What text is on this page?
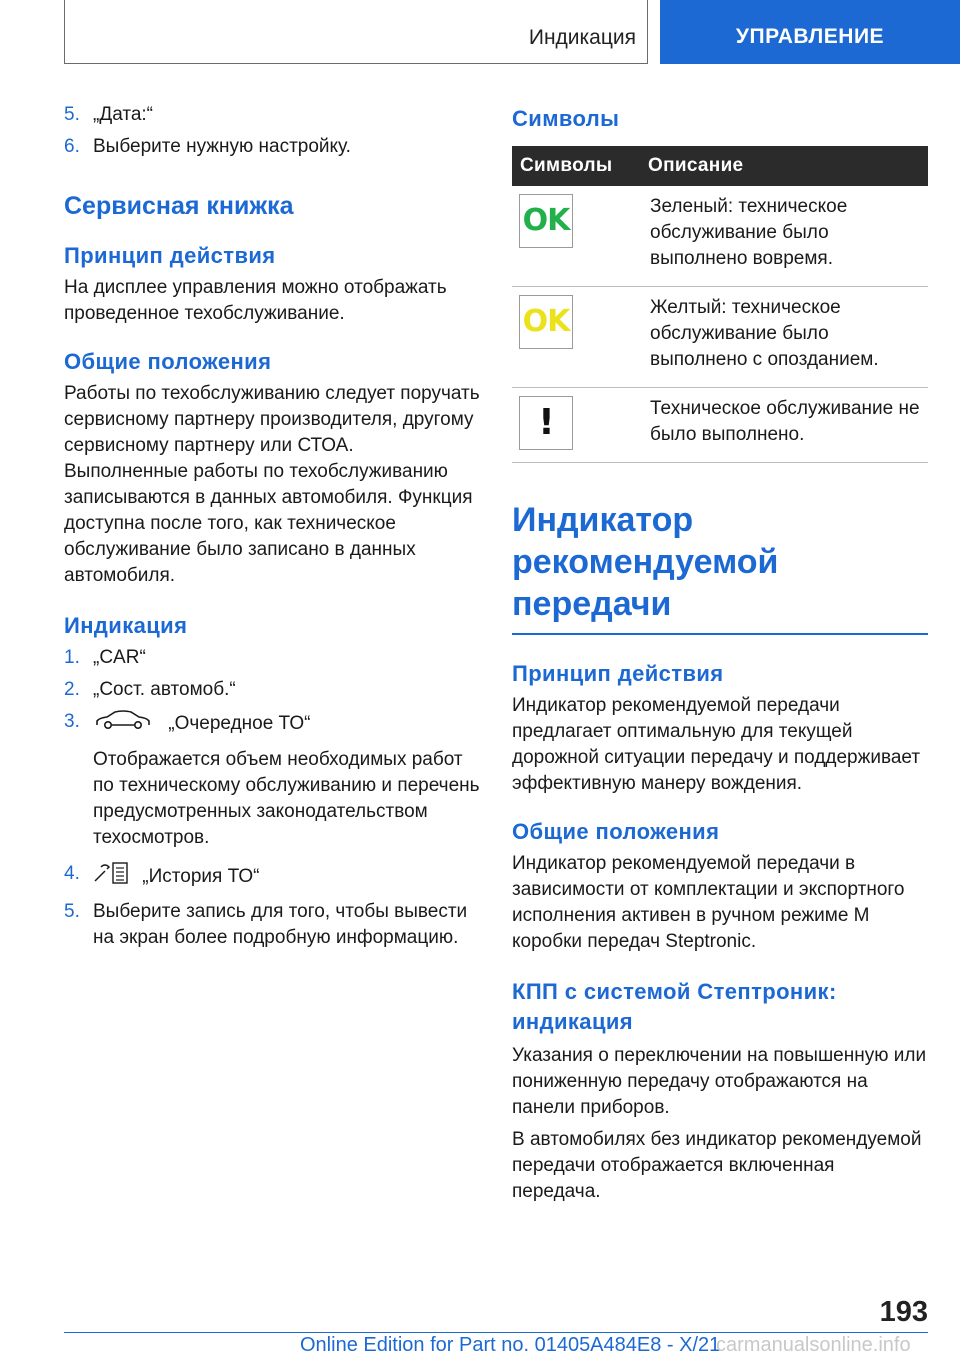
Индикация	УПРАВЛЕНИЕ
5. „Дата:“
6. Выберите нужную настройку.
Сервисная книжка
Принцип действия

На дисплее управления можно отображать проведенное техобслуживание.

Общие положения

Работы по техобслуживанию следует поручать сервисному партнеру производителя, другому сервисному партнеру или СТОА. Выполненные работы по техобслуживанию записываются в данных автомобиля. Функция доступна после того, как техническое обслуживание было записано в данных автомобиля.

Индикация
1. „CAR“
2. „Сост. автомоб.“
3.	„Очередное ТО“

Отображается объем необходимых работ по техническому обслуживанию и перечень предусмотренных законодательством техосмотров.

4.	„История ТО“
5. Выберите запись для того, чтобы вывести на экран более подробную информацию.
Символы
Символы	Описание

OK	Зеленый: техническое обслуживание было выполнено вовремя.

OK	Желтый: техническое обслуживание было выполнено с опозданием.

!	Техническое обслуживание не было выполнено.
Индикатор рекомендуемой передачи
Принцип действия

Индикатор рекомендуемой передачи предлагает оптимальную для текущей дорожной ситуации передачу и поддерживает эффективную манеру вождения.

Общие положения

Индикатор рекомендуемой передачи в зависимости от комплектации и экспортного исполнения активен в ручном режиме M коробки передач Steptronic.

КПП с системой Стептроник: индикация

Указания о переключении на повышенную или пониженную передачу отображаются на панели приборов.

В автомобилях без индикатор рекомендуемой передачи отображается включенная передача.

193
Online Edition for Part no. 01405A484E8 - X/21
carmanualsonline.info
